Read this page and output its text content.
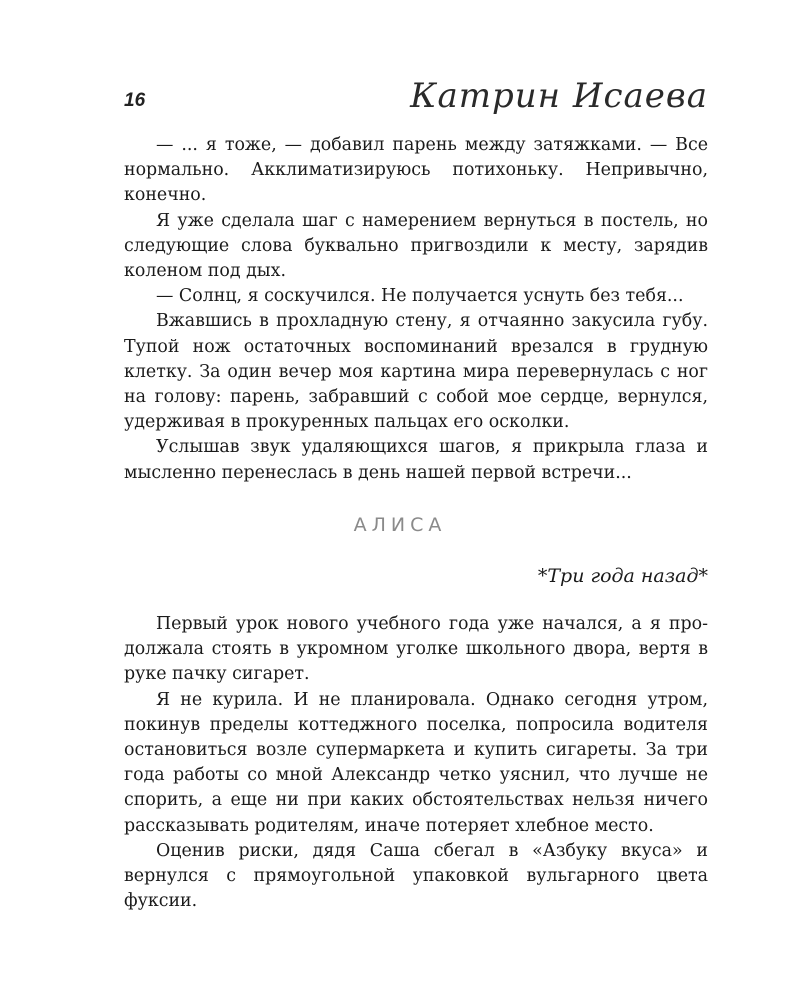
16	Катрин Исаева

— ... я тоже, — добавил парень между затяжками. — Все нормально. Акклиматизируюсь потихоньку. Непривычно, конечно.

Я уже сделала шаг с намерением вернуться в постель, но следующие слова буквально пригвоздили к месту, зарядив коленом под дых.

— Солнц, я соскучился. Не получается уснуть без тебя...

Вжавшись в прохладную стену, я отчаянно закусила губу. Тупой нож остаточных воспоминаний врезался в грудную клетку. За один вечер моя картина мира перевернулась с ног на голову: парень, забравший с собой мое сердце, вернулся, удерживая в прокуренных пальцах его осколки.

Услышав звук удаляющихся шагов, я прикрыла глаза и мысленно перенеслась в день нашей первой встречи...

АЛИСА
*Три года назад*

Первый урок нового учебного года уже начался, а я продолжала стоять в укромном уголке школьного двора, вертя в руке пачку сигарет.

Я не курила. И не планировала. Однако сегодня утром, покинув пределы коттеджного поселка, попросила водителя остановиться возле супермаркета и купить сигареты. За три года работы со мной Александр четко уяснил, что лучше не спорить, а еще ни при каких обстоятельствах нельзя ничего рассказывать родителям, иначе потеряет хлебное место.

Оценив риски, дядя Саша сбегал в «Азбуку вкуса» и вернулся с прямоугольной упаковкой вульгарного цвета фуксии.
